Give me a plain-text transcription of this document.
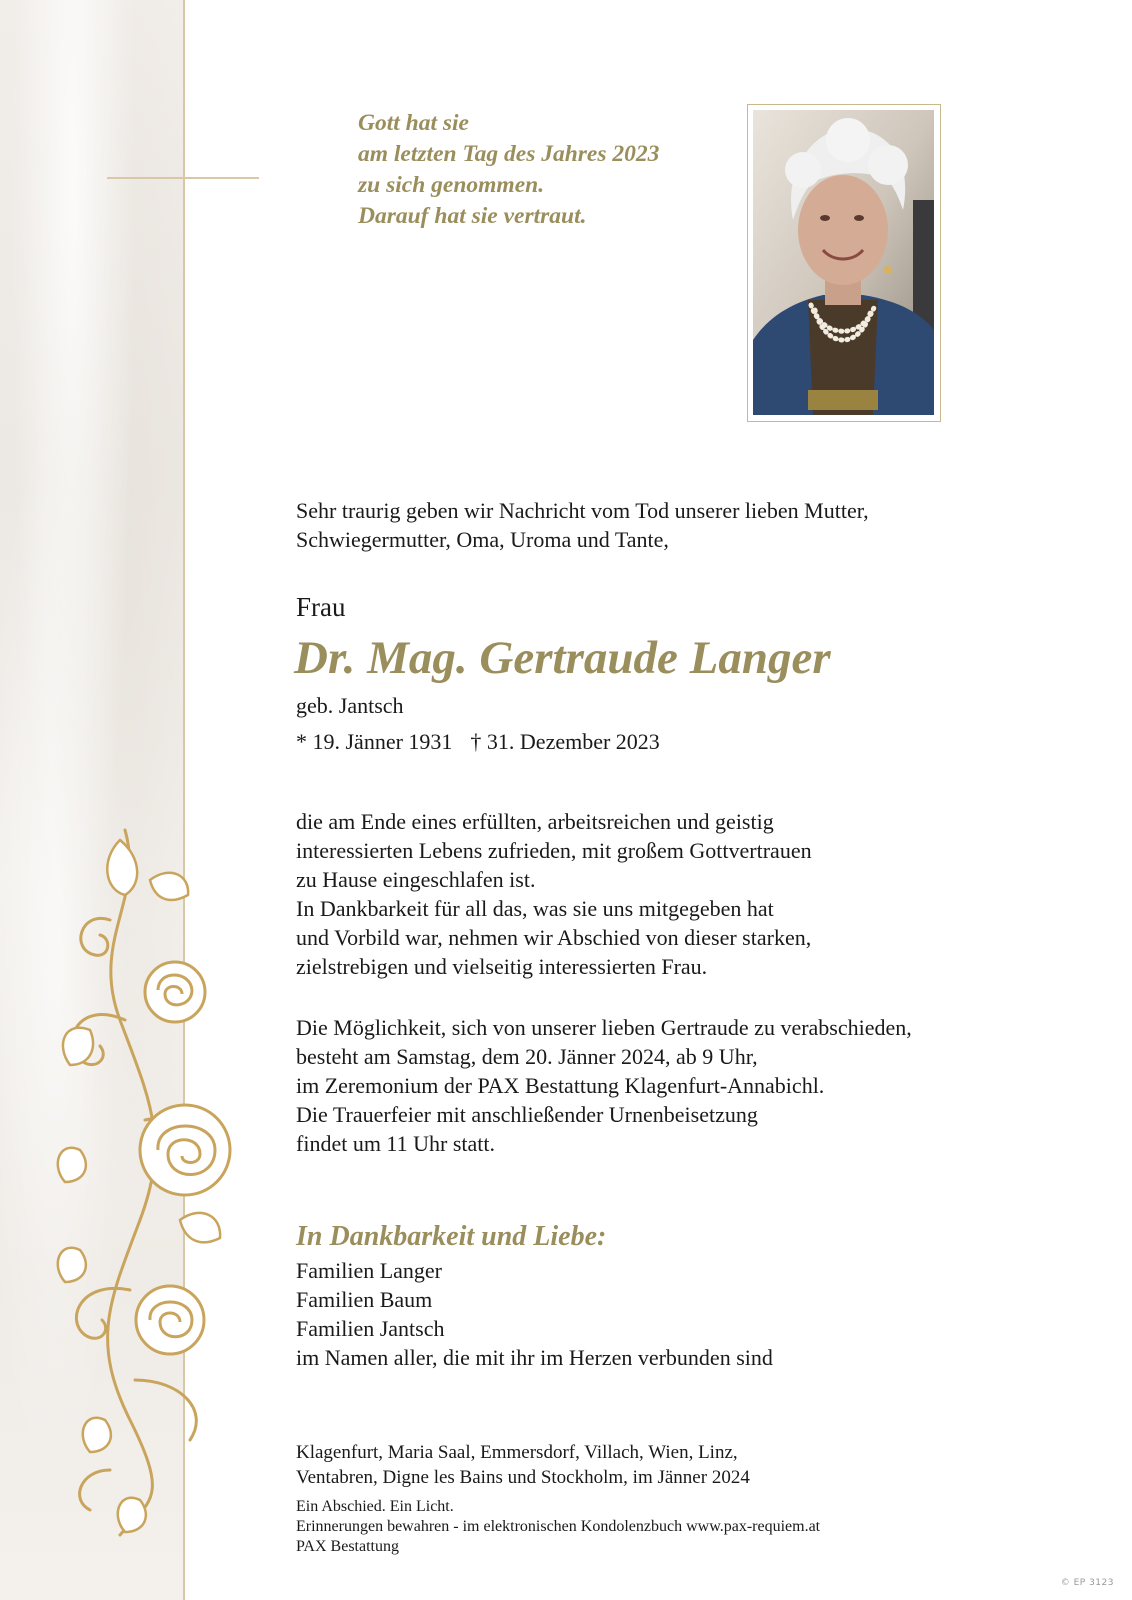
Gott hat sie
am letzten Tag des Jahres 2023
zu sich genommen.
Darauf hat sie vertraut.
Sehr traurig geben wir Nachricht vom Tod unserer lieben Mutter,
Schwiegermutter, Oma, Uroma und Tante,
Frau
Dr. Mag. Gertraude Langer
geb. Jantsch
* 19. Jänner 1931 † 31. Dezember 2023
die am Ende eines erfüllten, arbeitsreichen und geistig
interessierten Lebens zufrieden, mit großem Gottvertrauen
zu Hause eingeschlafen ist.
In Dankbarkeit für all das, was sie uns mitgegeben hat
und Vorbild war, nehmen wir Abschied von dieser starken,
zielstrebigen und vielseitig interessierten Frau.
Die Möglichkeit, sich von unserer lieben Gertraude zu verabschieden,
besteht am Samstag, dem 20. Jänner 2024, ab 9 Uhr,
im Zeremonium der PAX Bestattung Klagenfurt-Annabichl.
Die Trauerfeier mit anschließender Urnenbeisetzung
findet um 11 Uhr statt.
In Dankbarkeit und Liebe:
Familien Langer
Familien Baum
Familien Jantsch
im Namen aller, die mit ihr im Herzen verbunden sind
Klagenfurt, Maria Saal, Emmersdorf, Villach, Wien, Linz,
Ventabren, Digne les Bains und Stockholm, im Jänner 2024
Ein Abschied. Ein Licht.
Erinnerungen bewahren - im elektronischen Kondolenzbuch www.pax-requiem.at
PAX Bestattung
© EP 3123
